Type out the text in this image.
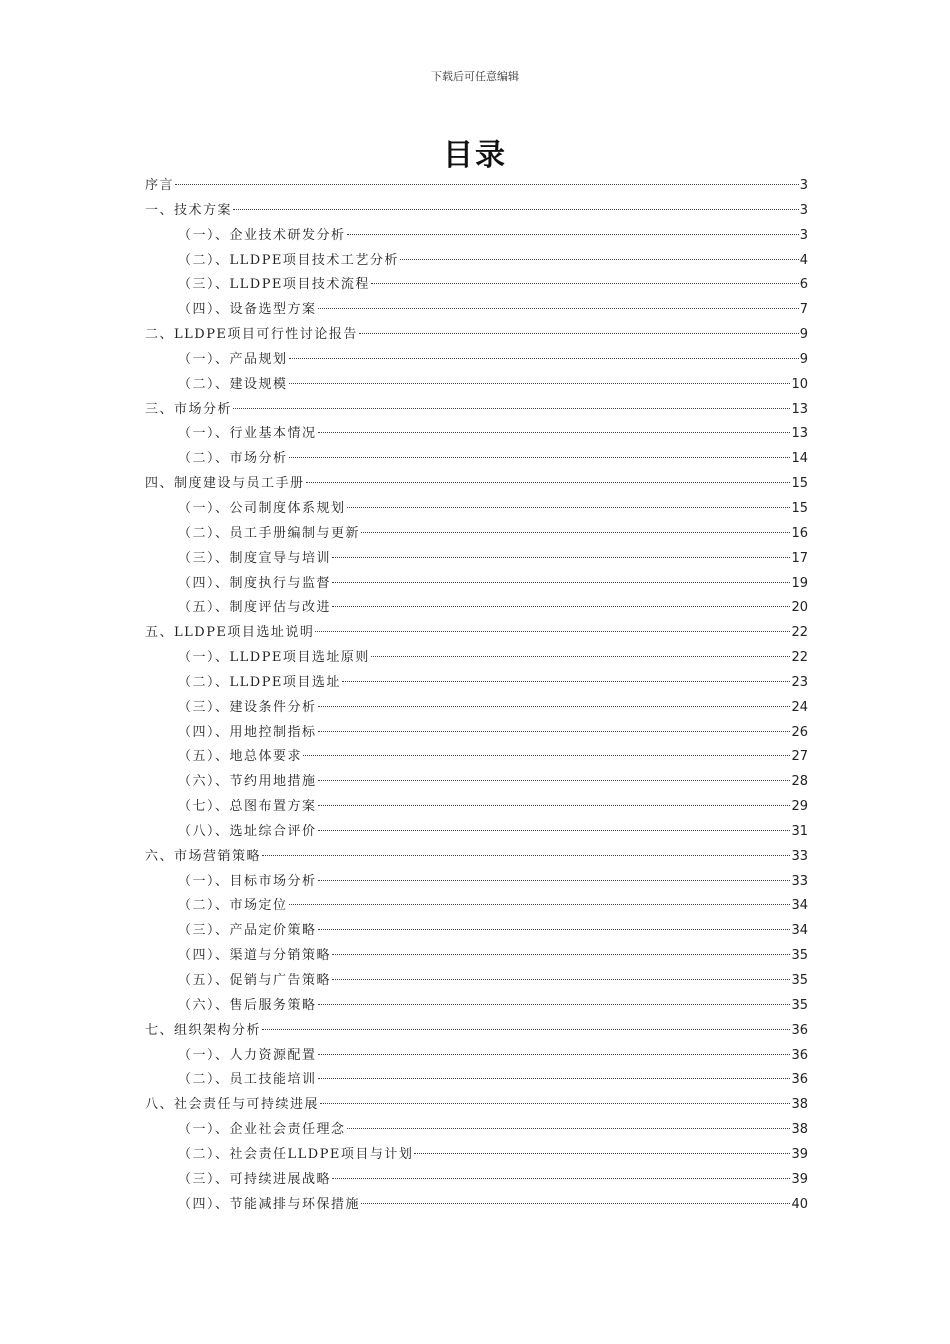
下载后可任意编辑
目录
序言	3
一、技术方案	3
（一）、企业技术研发分析	3
（二）、LLDPE项目技术工艺分析	4
（三）、LLDPE项目技术流程	6
（四）、设备选型方案	7
二、LLDPE项目可行性讨论报告	9
（一）、产品规划	9
（二）、建设规模	10
三、市场分析	13
（一）、行业基本情况	13
（二）、市场分析	14
四、制度建设与员工手册	15
（一）、公司制度体系规划	15
（二）、员工手册编制与更新	16
（三）、制度宣导与培训	17
（四）、制度执行与监督	19
（五）、制度评估与改进	20
五、LLDPE项目选址说明	22
（一）、LLDPE项目选址原则	22
（二）、LLDPE项目选址	23
（三）、建设条件分析	24
（四）、用地控制指标	26
（五）、地总体要求	27
（六）、节约用地措施	28
（七）、总图布置方案	29
（八）、选址综合评价	31
六、市场营销策略	33
（一）、目标市场分析	33
（二）、市场定位	34
（三）、产品定价策略	34
（四）、渠道与分销策略	35
（五）、促销与广告策略	35
（六）、售后服务策略	35
七、组织架构分析	36
（一）、人力资源配置	36
（二）、员工技能培训	36
八、社会责任与可持续进展	38
（一）、企业社会责任理念	38
（二）、社会责任LLDPE项目与计划	39
（三）、可持续进展战略	39
（四）、节能减排与环保措施	40
